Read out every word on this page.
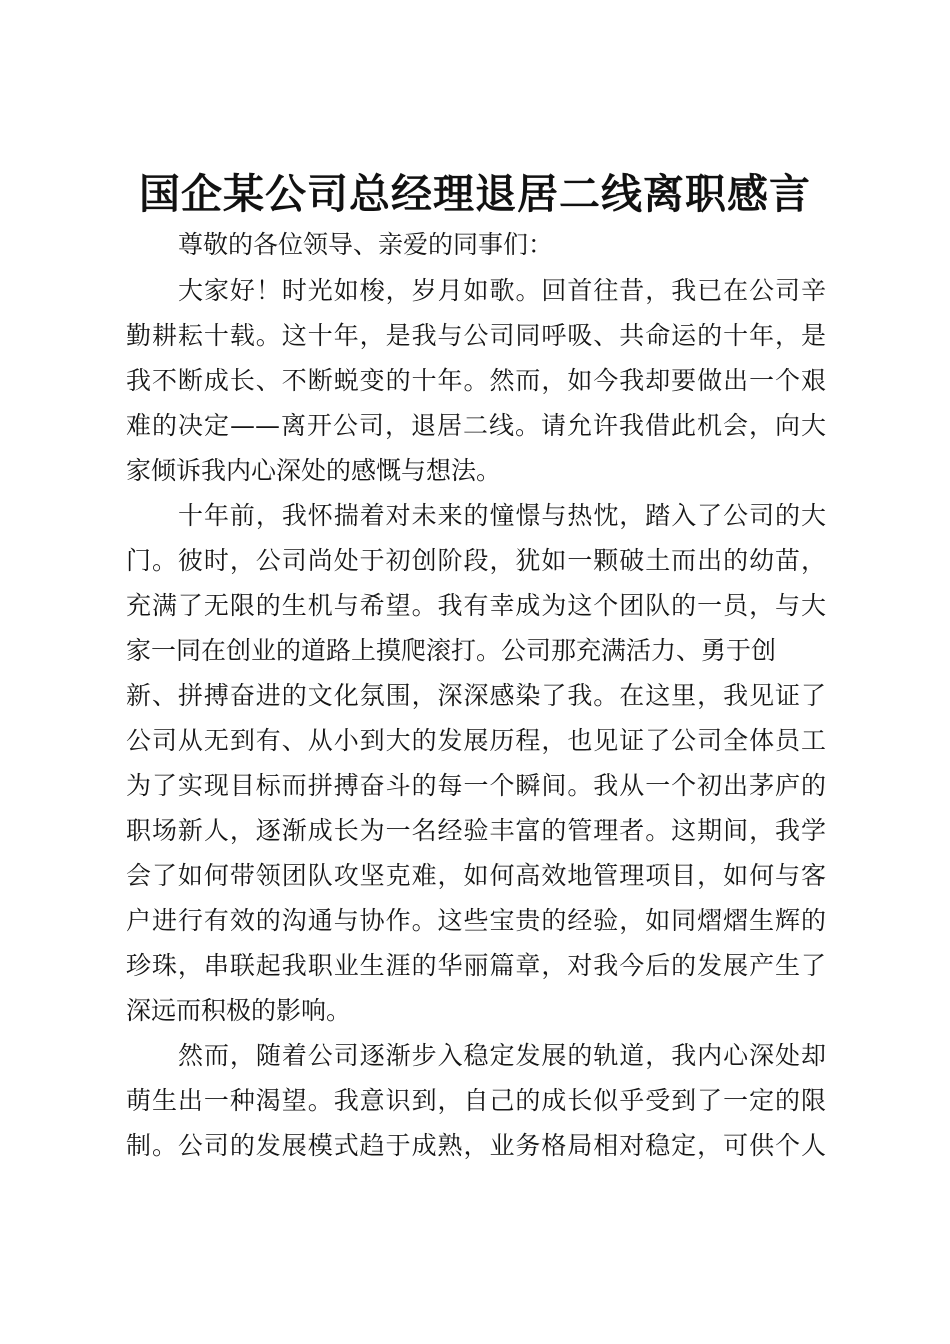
国企某公司总经理退居二线离职感言
尊敬的各位领导、亲爱的同事们：
大家好！时光如梭，岁月如歌。回首往昔，我已在公司辛
勤耕耘十载。这十年，是我与公司同呼吸、共命运的十年，是
我不断成长、不断蜕变的十年。然而，如今我却要做出一个艰
难的决定——离开公司，退居二线。请允许我借此机会，向大
家倾诉我内心深处的感慨与想法。
十年前，我怀揣着对未来的憧憬与热忱，踏入了公司的大
门。彼时，公司尚处于初创阶段，犹如一颗破土而出的幼苗，
充满了无限的生机与希望。我有幸成为这个团队的一员，与大
家一同在创业的道路上摸爬滚打。公司那充满活力、勇于创
新、拼搏奋进的文化氛围，深深感染了我。在这里，我见证了
公司从无到有、从小到大的发展历程，也见证了公司全体员工
为了实现目标而拼搏奋斗的每一个瞬间。我从一个初出茅庐的
职场新人，逐渐成长为一名经验丰富的管理者。这期间，我学
会了如何带领团队攻坚克难，如何高效地管理项目，如何与客
户进行有效的沟通与协作。这些宝贵的经验，如同熠熠生辉的
珍珠，串联起我职业生涯的华丽篇章，对我今后的发展产生了
深远而积极的影响。
然而，随着公司逐渐步入稳定发展的轨道，我内心深处却
萌生出一种渴望。我意识到，自己的成长似乎受到了一定的限
制。公司的发展模式趋于成熟，业务格局相对稳定，可供个人
